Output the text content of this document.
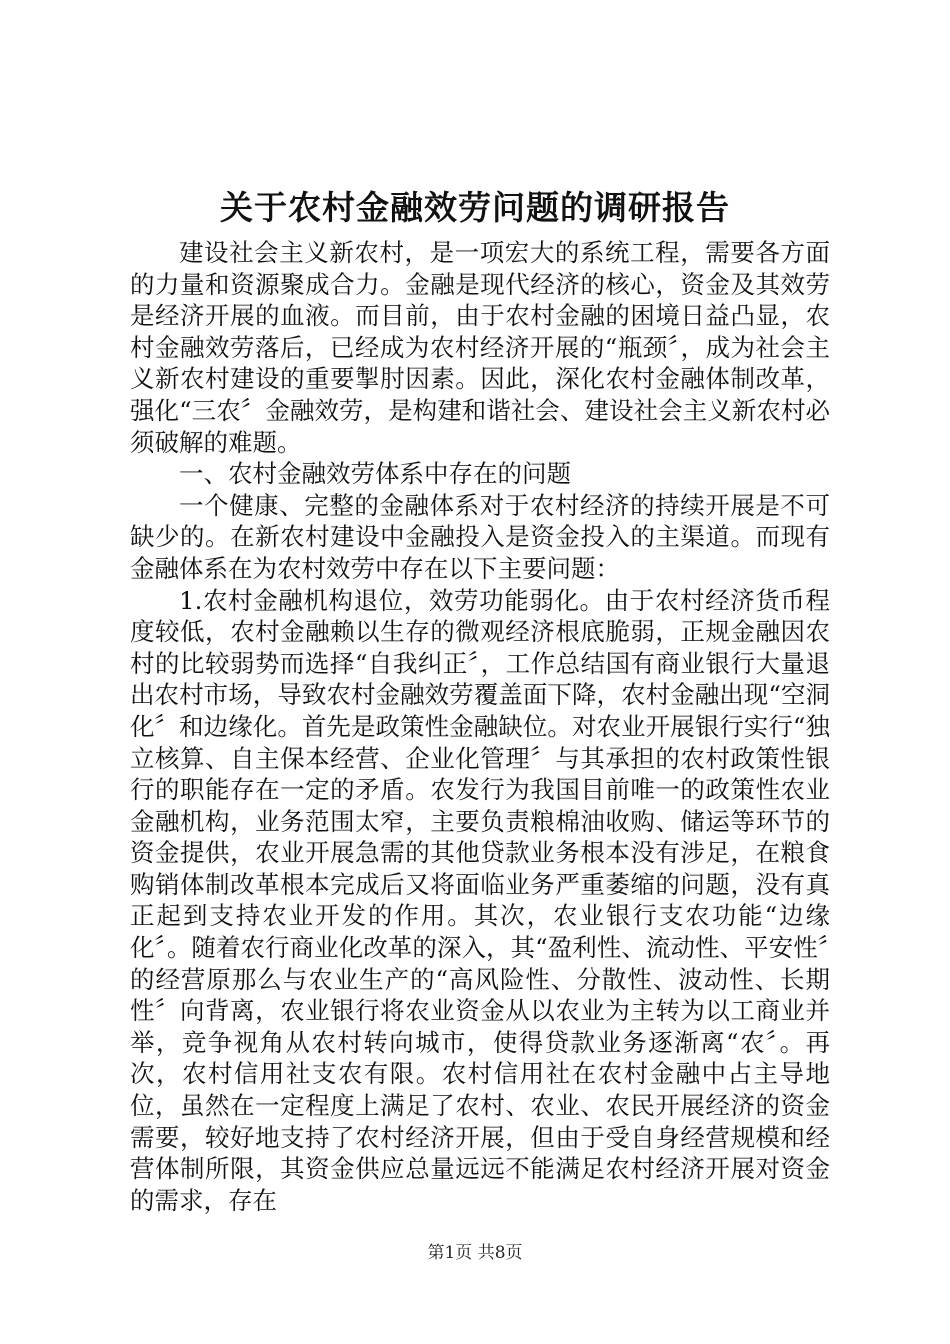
关于农村金融效劳问题的调研报告

建设社会主义新农村，是一项宏大的系统工程，需要各方面的力量和资源聚成合力。金融是现代经济的核心，资金及其效劳是经济开展的血液。而目前，由于农村金融的困境日益凸显，农村金融效劳落后，已经成为农村经济开展的“瓶颈〞，成为社会主义新农村建设的重要掣肘因素。因此，深化农村金融体制改革，强化“三农〞金融效劳，是构建和谐社会、建设社会主义新农村必须破解的难题。

一、农村金融效劳体系中存在的问题

一个健康、完整的金融体系对于农村经济的持续开展是不可缺少的。在新农村建设中金融投入是资金投入的主渠道。而现有金融体系在为农村效劳中存在以下主要问题：

1.农村金融机构退位，效劳功能弱化。由于农村经济货币程度较低，农村金融赖以生存的微观经济根底脆弱，正规金融因农村的比较弱势而选择“自我纠正〞，工作总结国有商业银行大量退出农村市场，导致农村金融效劳覆盖面下降，农村金融出现“空洞化〞和边缘化。首先是政策性金融缺位。对农业开展银行实行“独立核算、自主保本经营、企业化管理〞与其承担的农村政策性银行的职能存在一定的矛盾。农发行为我国目前唯一的政策性农业金融机构，业务范围太窄，主要负责粮棉油收购、储运等环节的资金提供，农业开展急需的其他贷款业务根本没有涉足，在粮食购销体制改革根本完成后又将面临业务严重萎缩的问题，没有真正起到支持农业开发的作用。其次，农业银行支农功能“边缘化〞。随着农行商业化改革的深入，其“盈利性、流动性、平安性〞的经营原那么与农业生产的“高风险性、分散性、波动性、长期性〞向背离，农业银行将农业资金从以农业为主转为以工商业并举，竞争视角从农村转向城市，使得贷款业务逐渐离“农〞。再次，农村信用社支农有限。农村信用社在农村金融中占主导地位，虽然在一定程度上满足了农村、农业、农民开展经济的资金需要，较好地支持了农村经济开展，但由于受自身经营规模和经营体制所限，其资金供应总量远远不能满足农村经济开展对资金的需求，存在

第1页 共8页
